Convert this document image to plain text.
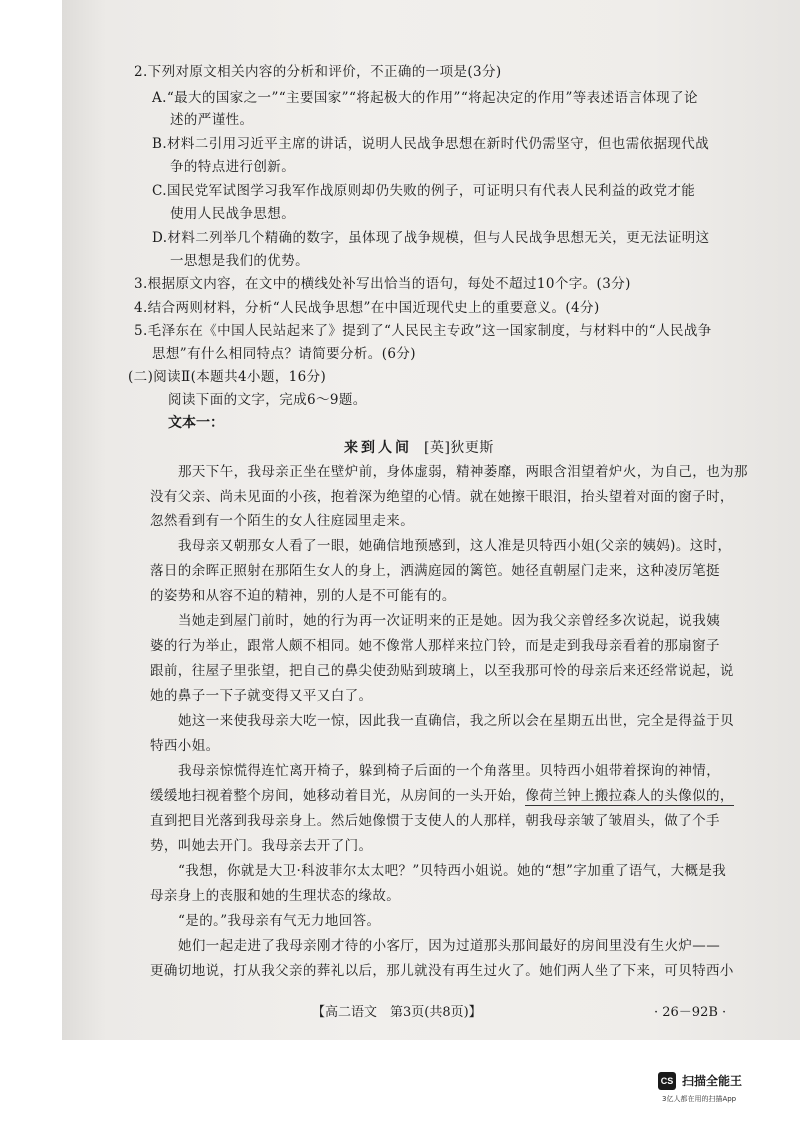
2.下列对原文相关内容的分析和评价，不正确的一项是(3分)
A.“最大的国家之一”“主要国家”“将起极大的作用”“将起决定的作用”等表述语言体现了论
述的严谨性。
B.材料二引用习近平主席的讲话，说明人民战争思想在新时代仍需坚守，但也需依据现代战
争的特点进行创新。
C.国民党军试图学习我军作战原则却仍失败的例子，可证明只有代表人民利益的政党才能
使用人民战争思想。
D.材料二列举几个精确的数字，虽体现了战争规模，但与人民战争思想无关，更无法证明这
一思想是我们的优势。
3.根据原文内容，在文中的横线处补写出恰当的语句，每处不超过10个字。(3分)
4.结合两则材料，分析“人民战争思想”在中国近现代史上的重要意义。(4分)
5.毛泽东在《中国人民站起来了》提到了“人民民主专政”这一国家制度，与材料中的“人民战争
思想”有什么相同特点？请简要分析。(6分)
(二)阅读Ⅱ(本题共4小题，16分)
阅读下面的文字，完成6～9题。
文本一：
来到人间 [英]狄更斯
那天下午，我母亲正坐在壁炉前，身体虚弱，精神萎靡，两眼含泪望着炉火，为自己，也为那
没有父亲、尚未见面的小孩，抱着深为绝望的心情。就在她擦干眼泪，抬头望着对面的窗子时，
忽然看到有一个陌生的女人往庭园里走来。
我母亲又朝那女人看了一眼，她确信地预感到，这人准是贝特西小姐(父亲的姨妈)。这时，
落日的余晖正照射在那陌生女人的身上，洒满庭园的篱笆。她径直朝屋门走来，这种凌厉笔挺
的姿势和从容不迫的精神，别的人是不可能有的。
当她走到屋门前时，她的行为再一次证明来的正是她。因为我父亲曾经多次说起，说我姨
婆的行为举止，跟常人颇不相同。她不像常人那样来拉门铃，而是走到我母亲看着的那扇窗子
跟前，往屋子里张望，把自己的鼻尖使劲贴到玻璃上，以至我那可怜的母亲后来还经常说起，说
她的鼻子一下子就变得又平又白了。
她这一来使我母亲大吃一惊，因此我一直确信，我之所以会在星期五出世，完全是得益于贝
特西小姐。
我母亲惊慌得连忙离开椅子，躲到椅子后面的一个角落里。贝特西小姐带着探询的神情，
缓缓地扫视着整个房间，她移动着目光，从房间的一头开始，像荷兰钟上搬拉森人的头像似的，
直到把目光落到我母亲身上。然后她像惯于支使人的人那样，朝我母亲皱了皱眉头，做了个手
势，叫她去开门。我母亲去开了门。
“我想，你就是大卫·科波菲尔太太吧？”贝特西小姐说。她的“想”字加重了语气，大概是我
母亲身上的丧服和她的生理状态的缘故。
“是的。”我母亲有气无力地回答。
她们一起走进了我母亲刚才待的小客厅，因为过道那头那间最好的房间里没有生火炉——
更确切地说，打从我父亲的葬礼以后，那儿就没有再生过火了。她们两人坐了下来，可贝特西小
【高二语文　第3页(共8页)】	· 26－92B ·
CS 扫描全能王
3亿人都在用的扫描App
